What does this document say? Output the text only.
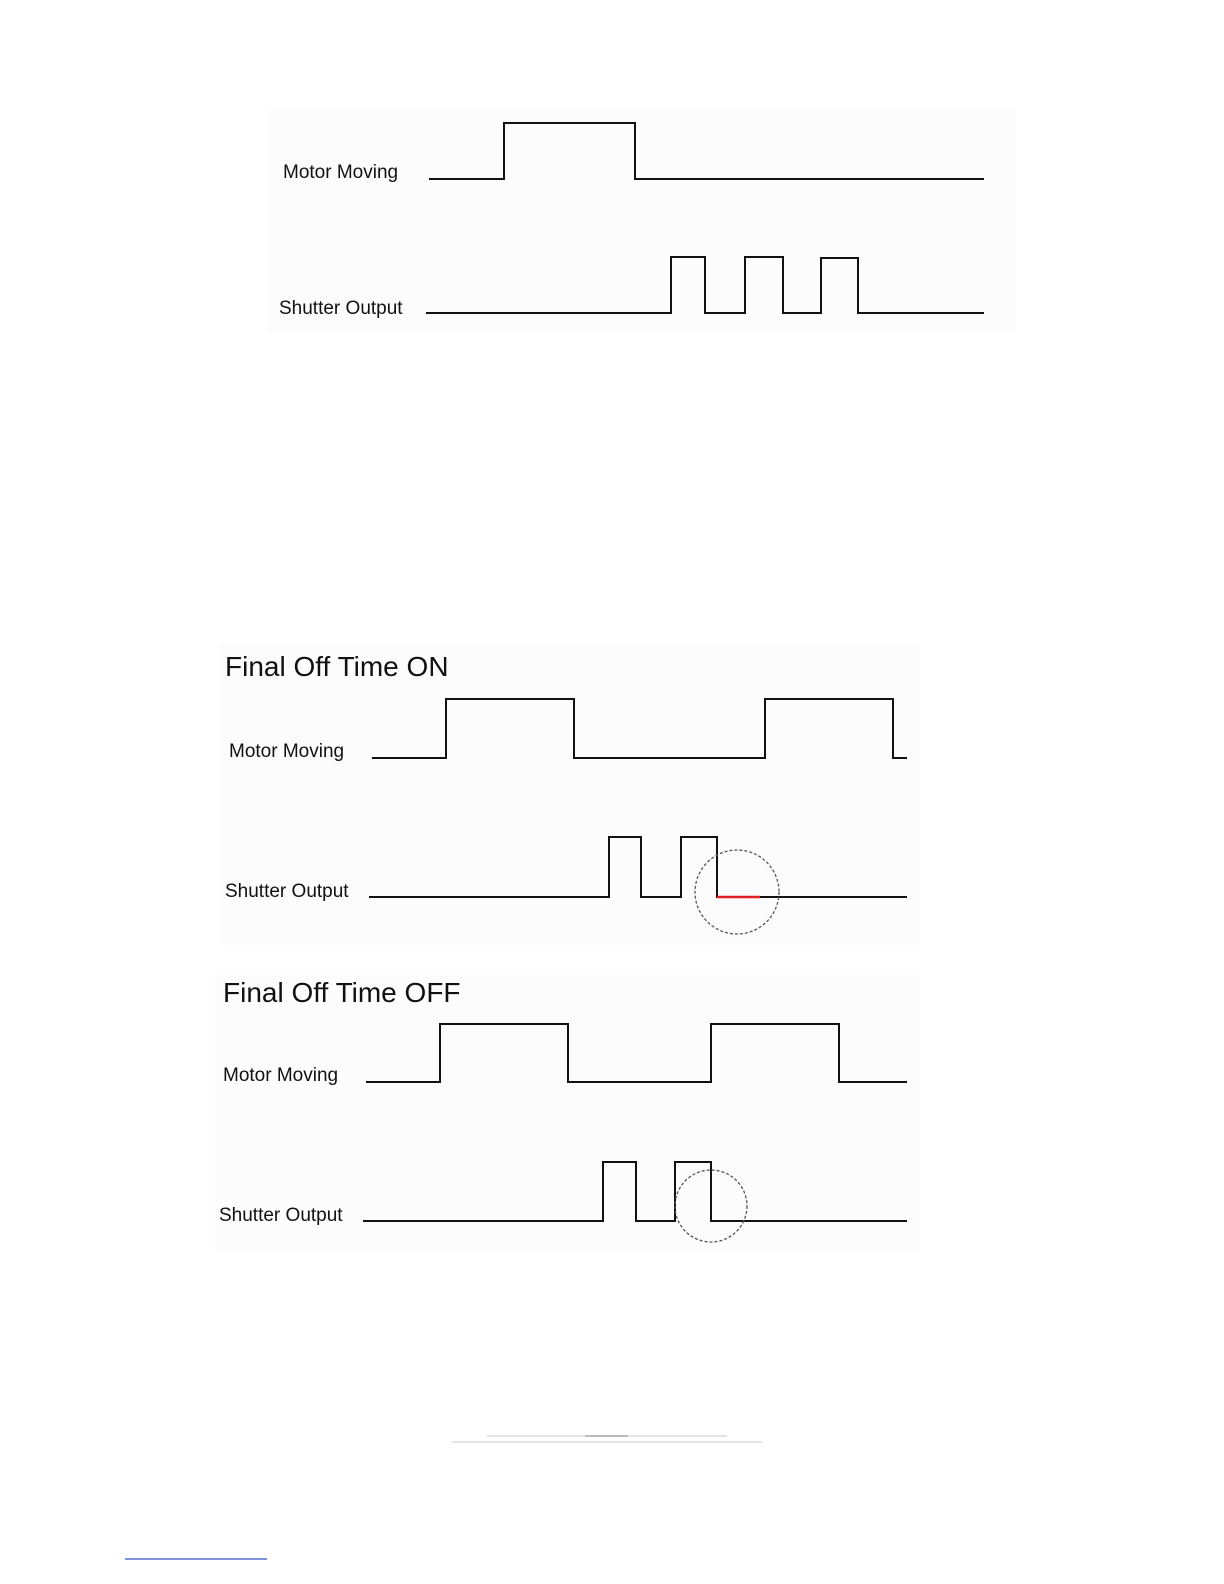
Motor Moving
Shutter Output
Final Off Time ON
Motor Moving
Shutter Output
Final Off Time OFF
Motor Moving
Shutter Output
